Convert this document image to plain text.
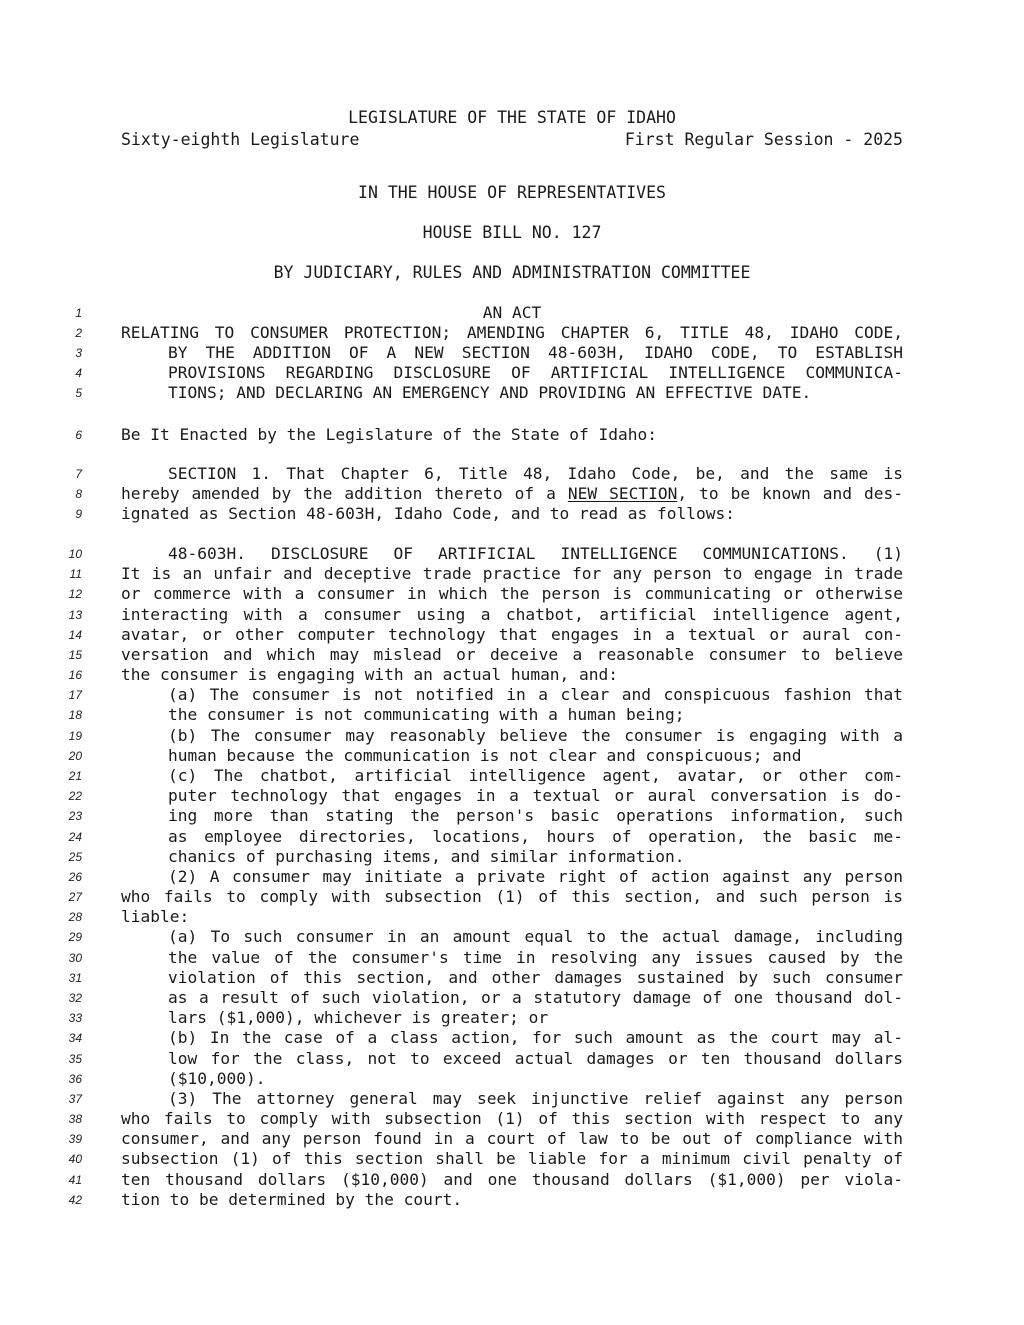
LEGISLATURE OF THE STATE OF IDAHO
Sixty-eighth Legislature	First Regular Session - 2025
IN THE HOUSE OF REPRESENTATIVES
HOUSE BILL NO. 127
BY JUDICIARY, RULES AND ADMINISTRATION COMMITTEE
1	AN ACT
2 RELATING TO CONSUMER PROTECTION; AMENDING CHAPTER 6, TITLE 48, IDAHO CODE,
3	BY THE ADDITION OF A NEW SECTION 48-603H, IDAHO CODE, TO ESTABLISH
4	PROVISIONS REGARDING DISCLOSURE OF ARTIFICIAL INTELLIGENCE COMMUNICA-
5	TIONS; AND DECLARING AN EMERGENCY AND PROVIDING AN EFFECTIVE DATE.
6 Be It Enacted by the Legislature of the State of Idaho:
7	SECTION 1. That Chapter 6, Title 48, Idaho Code, be, and the same is
8 hereby amended by the addition thereto of a NEW SECTION, to be known and des-
9 ignated as Section 48-603H, Idaho Code, and to read as follows:
10	48-603H. DISCLOSURE OF ARTIFICIAL INTELLIGENCE COMMUNICATIONS. (1)
11 It is an unfair and deceptive trade practice for any person to engage in trade
12 or commerce with a consumer in which the person is communicating or otherwise
13 interacting with a consumer using a chatbot, artificial intelligence agent,
14 avatar, or other computer technology that engages in a textual or aural con-
15 versation and which may mislead or deceive a reasonable consumer to believe
16 the consumer is engaging with an actual human, and:
17	(a) The consumer is not notified in a clear and conspicuous fashion that
18	the consumer is not communicating with a human being;
19	(b) The consumer may reasonably believe the consumer is engaging with a
20	human because the communication is not clear and conspicuous; and
21	(c) The chatbot, artificial intelligence agent, avatar, or other com-
22	puter technology that engages in a textual or aural conversation is do-
23	ing more than stating the person's basic operations information, such
24	as employee directories, locations, hours of operation, the basic me-
25	chanics of purchasing items, and similar information.
26	(2) A consumer may initiate a private right of action against any person
27 who fails to comply with subsection (1) of this section, and such person is
28 liable:
29	(a) To such consumer in an amount equal to the actual damage, including
30	the value of the consumer's time in resolving any issues caused by the
31	violation of this section, and other damages sustained by such consumer
32	as a result of such violation, or a statutory damage of one thousand dol-
33	lars ($1,000), whichever is greater; or
34	(b) In the case of a class action, for such amount as the court may al-
35	low for the class, not to exceed actual damages or ten thousand dollars
36	($10,000).
37	(3) The attorney general may seek injunctive relief against any person
38 who fails to comply with subsection (1) of this section with respect to any
39 consumer, and any person found in a court of law to be out of compliance with
40 subsection (1) of this section shall be liable for a minimum civil penalty of
41 ten thousand dollars ($10,000) and one thousand dollars ($1,000) per viola-
42 tion to be determined by the court.
